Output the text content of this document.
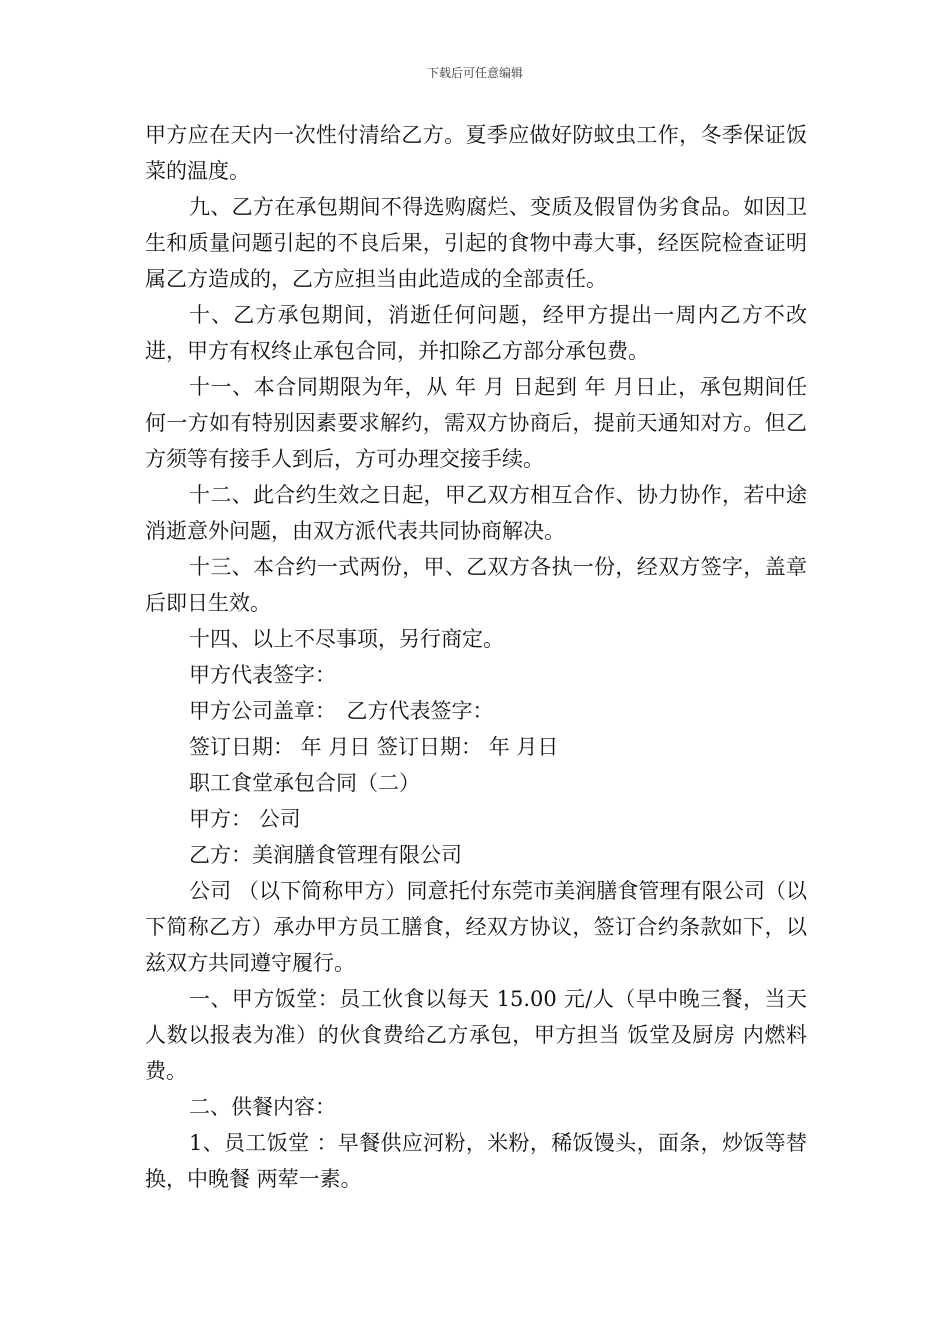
下载后可任意编辑

甲方应在天内一次性付清给乙方。夏季应做好防蚊虫工作，冬季保证饭菜的温度。

九、乙方在承包期间不得选购腐烂、变质及假冒伪劣食品。如因卫生和质量问题引起的不良后果，引起的食物中毒大事，经医院检查证明属乙方造成的，乙方应担当由此造成的全部责任。

十、乙方承包期间，消逝任何问题，经甲方提出一周内乙方不改进，甲方有权终止承包合同，并扣除乙方部分承包费。

十一、本合同期限为年，从 年 月 日起到 年 月日止，承包期间任何一方如有特别因素要求解约，需双方协商后，提前天通知对方。但乙方须等有接手人到后，方可办理交接手续。

十二、此合约生效之日起，甲乙双方相互合作、协力协作，若中途消逝意外问题，由双方派代表共同协商解决。

十三、本合约一式两份，甲、乙双方各执一份，经双方签字，盖章后即日生效。

十四、以上不尽事项，另行商定。

甲方代表签字：

甲方公司盖章：　乙方代表签字：

签订日期： 年 月日 签订日期： 年 月日

职工食堂承包合同（二）

甲方： 公司

乙方：美润膳食管理有限公司

公司 （以下简称甲方）同意托付东莞市美润膳食管理有限公司（以下简称乙方）承办甲方员工膳食，经双方协议，签订合约条款如下，以兹双方共同遵守履行。

一、甲方饭堂：员工伙食以每天 15.00 元/人（早中晚三餐，当天人数以报表为准）的伙食费给乙方承包，甲方担当 饭堂及厨房 内燃料费。

二、供餐内容：

1、员工饭堂 ：早餐供应河粉，米粉，稀饭馒头，面条，炒饭等替换，中晚餐 两荤一素。
